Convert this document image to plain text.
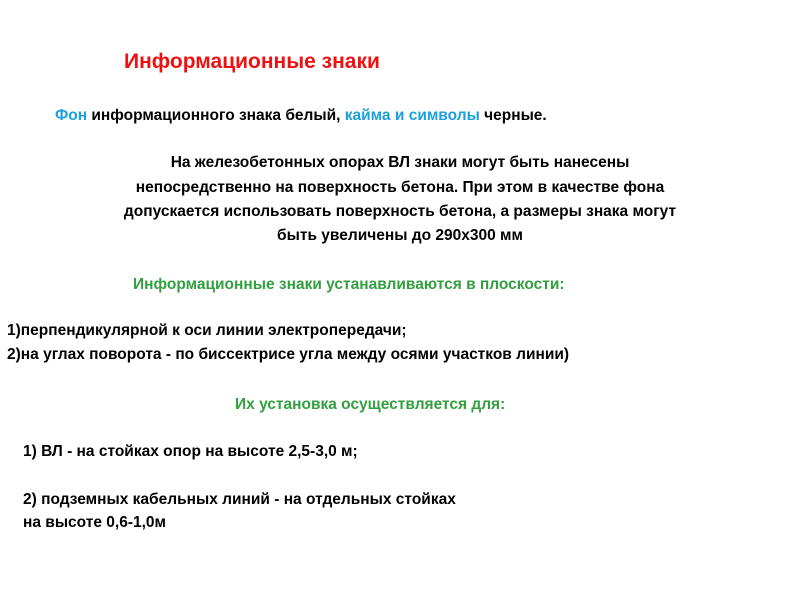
Информационные знаки
Фон информационного знака белый, кайма и символы черные.
На железобетонных опорах ВЛ знаки могут быть нанесены
непосредственно на поверхность бетона. При этом в качестве фона
допускается использовать поверхность бетона, а размеры знака могут
быть увеличены до 290х300 мм
Информационные знаки устанавливаются в плоскости:
1)перпендикулярной к оси линии электропередачи;
2)на углах поворота - по биссектрисе угла между осями участков линии)
Их установка осуществляется для:
1) ВЛ - на стойках опор на высоте 2,5-3,0 м;
2) подземных кабельных линий - на отдельных стойках
на высоте 0,6-1,0м
